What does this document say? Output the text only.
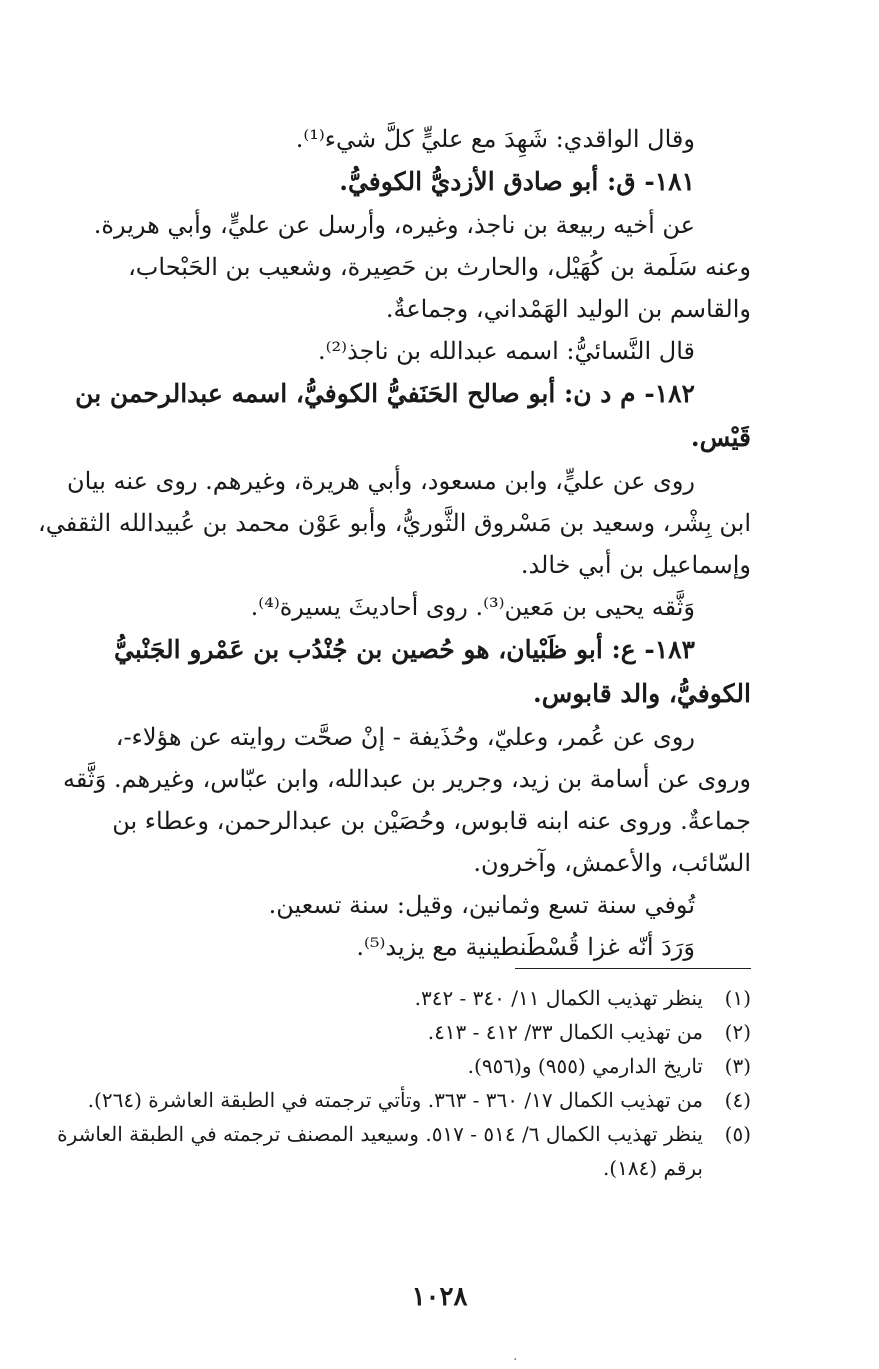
وقال الواقدي: شَهِدَ مع عليٍّ كلَّ شيء⁽¹⁾.
١٨١- ق: أبو صادق الأزديُّ الكوفيُّ.
عن أخيه ربيعة بن ناجذ، وغيره، وأرسل عن عليٍّ، وأبي هريرة.
وعنه سَلَمة بن كُهَيْل، والحارث بن حَصِيرة، وشعيب بن الحَبْحاب،
والقاسم بن الوليد الهَمْداني، وجماعةٌ.
قال النَّسائيُّ: اسمه عبدالله بن ناجذ⁽²⁾.
١٨٢- م د ن: أبو صالح الحَنَفيُّ الكوفيُّ، اسمه عبدالرحمن بن
قَيْس.
روى عن عليٍّ، وابن مسعود، وأبي هريرة، وغيرهم. روى عنه بيان
ابن بِشْر، وسعيد بن مَسْروق الثَّوريُّ، وأبو عَوْن محمد بن عُبيدالله الثقفي،
وإسماعيل بن أبي خالد.
وَثَّقه يحيى بن مَعين⁽³⁾. روى أحاديثَ يسيرة⁽⁴⁾.
١٨٣- ع: أبو ظَبْيان، هو حُصين بن جُنْدُب بن عَمْرو الجَنْبيُّ
الكوفيُّ، والد قابوس.
روى عن عُمر، وعليّ، وحُذَيفة - إنْ صحَّت روايته عن هؤلاء-،
وروى عن أسامة بن زيد، وجرير بن عبدالله، وابن عبّاس، وغيرهم. وَثَّقه
جماعةٌ. وروى عنه ابنه قابوس، وحُصَيْن بن عبدالرحمن، وعطاء بن
السّائب، والأعمش، وآخرون.
تُوفي سنة تسع وثمانين، وقيل: سنة تسعين.
وَرَدَ أنّه غزا قُسْطَنطينية مع يزيد⁽⁵⁾.
(١)
ينظر تهذيب الكمال ١١/ ٣٤٠ - ٣٤٢.
(٢)
من تهذيب الكمال ٣٣/ ٤١٢ - ٤١٣.
(٣)
تاريخ الدارمي (٩٥٥) و(٩٥٦).
(٤)
من تهذيب الكمال ١٧/ ٣٦٠ - ٣٦٣. وتأتي ترجمته في الطبقة العاشرة (٢٦٤).
(٥)
ينظر تهذيب الكمال ٦/ ٥١٤ - ٥١٧. وسيعيد المصنف ترجمته في الطبقة العاشرة برقم (١٨٤).
١٠٢٨
·
